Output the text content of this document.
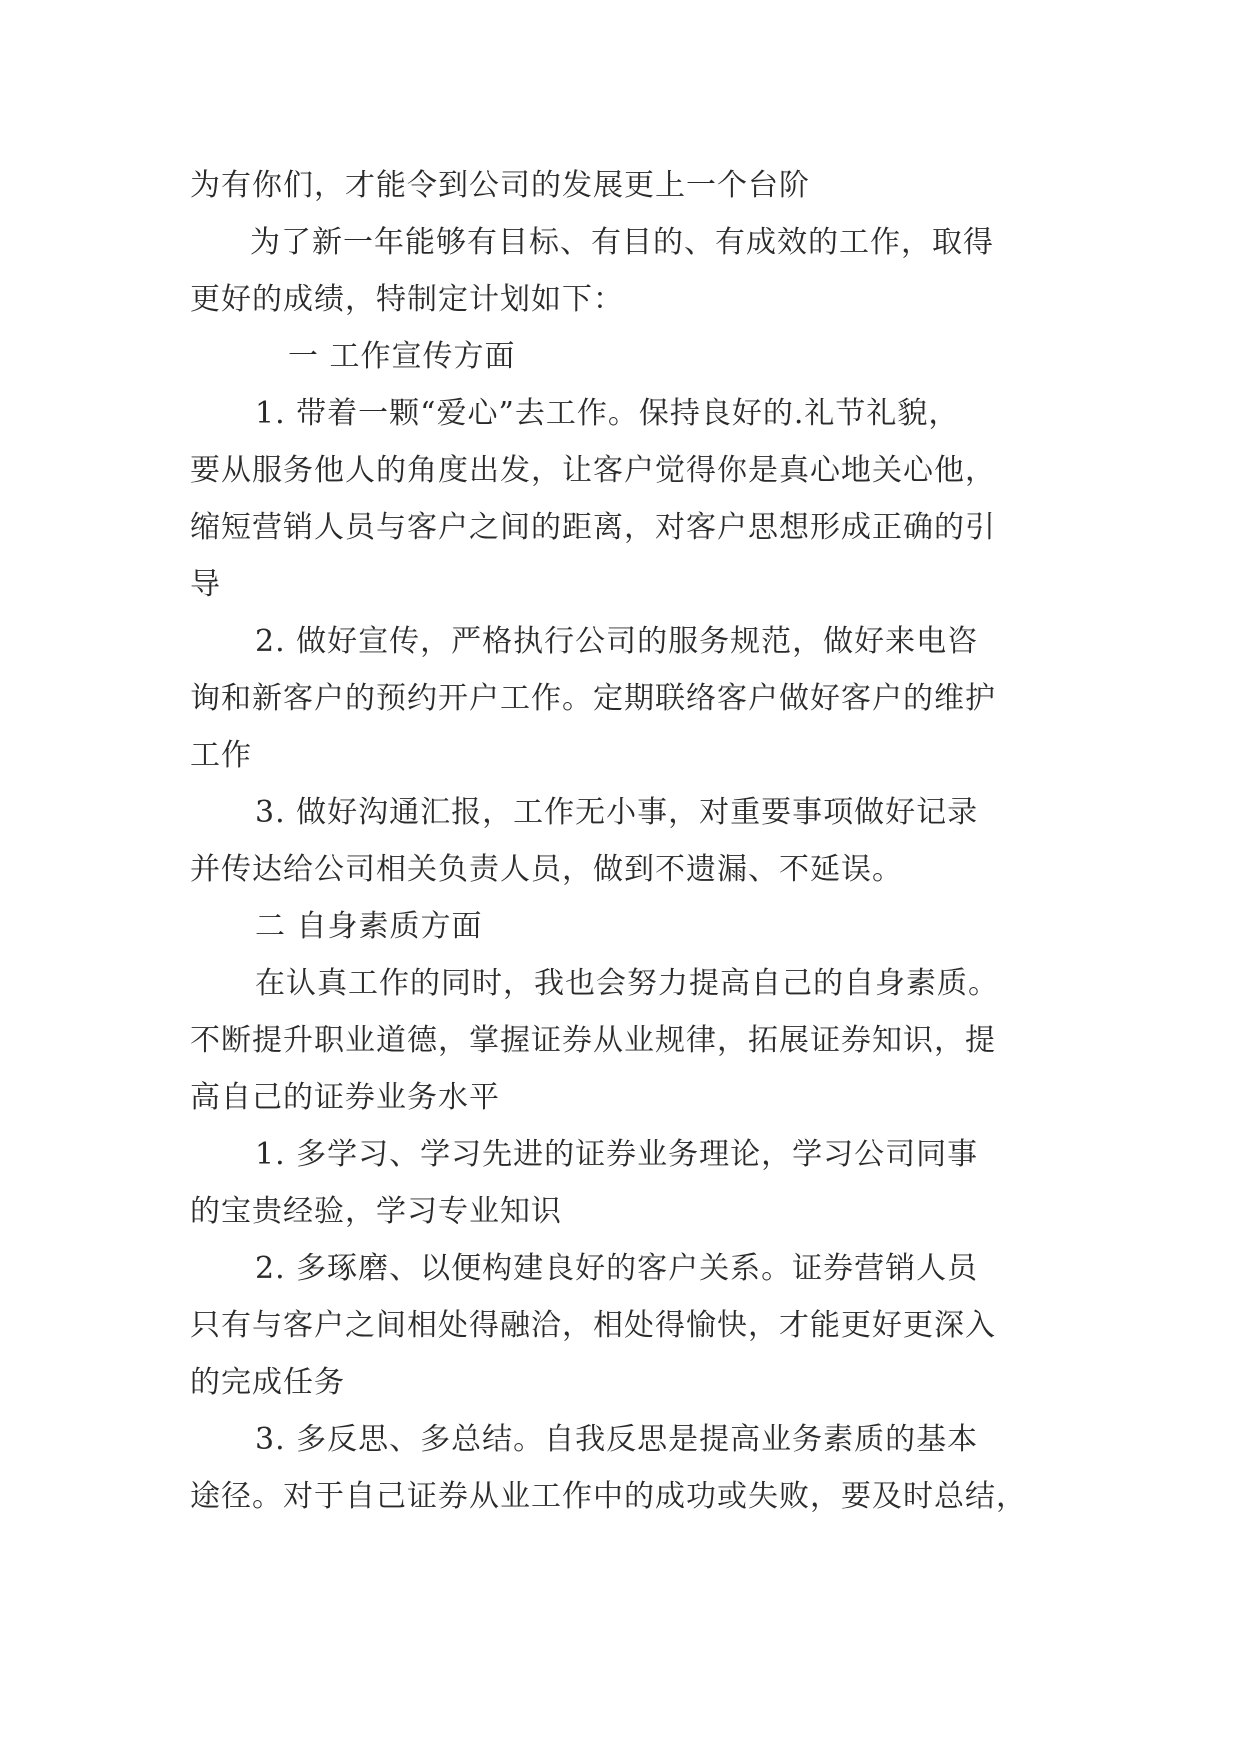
为有你们，才能令到公司的发展更上一个台阶
为了新一年能够有目标、有目的、有成效的工作，取得
更好的成绩，特制定计划如下：
一 工作宣传方面
1. 带着一颗“爱心”去工作。保持良好的.礼节礼貌，
要从服务他人的角度出发，让客户觉得你是真心地关心他，
缩短营销人员与客户之间的距离，对客户思想形成正确的引
导
2. 做好宣传，严格执行公司的服务规范，做好来电咨
询和新客户的预约开户工作。定期联络客户做好客户的维护
工作
3. 做好沟通汇报，工作无小事，对重要事项做好记录
并传达给公司相关负责人员，做到不遗漏、不延误。
二 自身素质方面
在认真工作的同时，我也会努力提高自己的自身素质。
不断提升职业道德，掌握证券从业规律，拓展证券知识，提
高自己的证券业务水平
1. 多学习、学习先进的证券业务理论，学习公司同事
的宝贵经验，学习专业知识
2. 多琢磨、以便构建良好的客户关系。证券营销人员
只有与客户之间相处得融洽，相处得愉快，才能更好更深入
的完成任务
3. 多反思、多总结。自我反思是提高业务素质的基本
途径。对于自己证券从业工作中的成功或失败，要及时总结，
